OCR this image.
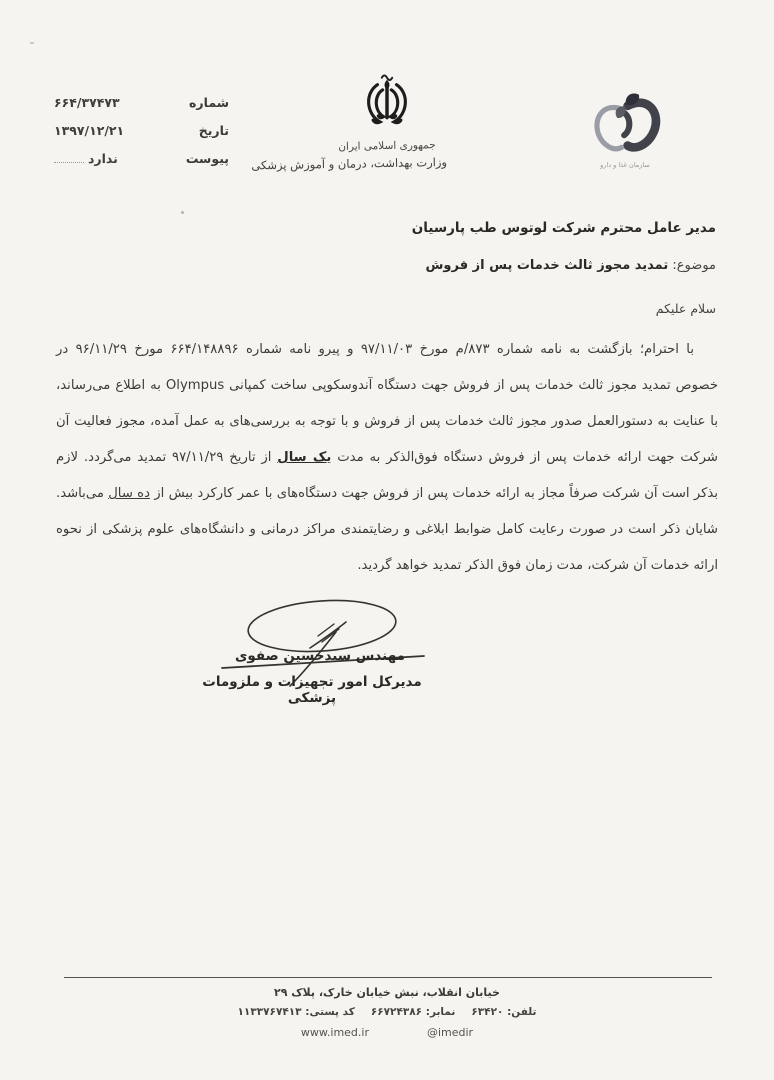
شماره
۶۶۴/۳۷۴۷۳
تاریخ
۱۳۹۷/۱۲/۲۱
پیوست
ندارد
جمهوری اسلامی ایران
وزارت بهداشت، درمان و آموزش پزشکی	سازمان غذا و دارو
مدیر عامل محترم شرکت لوتوس طب پارسیان
موضوع: تمدید مجوز ثالث خدمات پس از فروش
سلام علیکم
با احترام؛ بازگشت به نامه شماره ۸۷۳/م مورخ ۹۷/۱۱/۰۳ و پیرو نامه شماره ۶۶۴/۱۴۸۸۹۶ مورخ ۹۶/۱۱/۲۹ در
خصوص تمدید مجوز ثالث خدمات پس از فروش جهت دستگاه آندوسکوپی ساخت کمپانی Olympus به اطلاع می‌رساند،
با عنایت به دستورالعمل صدور مجوز ثالث خدمات پس از فروش و با توجه به بررسی‌های به عمل آمده، مجوز فعالیت آن
شرکت جهت ارائه خدمات پس از فروش دستگاه فوق‌الذکر به مدت یک سال از تاریخ ۹۷/۱۱/۲۹ تمدید می‌گردد. لازم
بذکر است آن شرکت صرفاً مجاز به ارائه خدمات پس از فروش جهت دستگاه‌های با عمر کارکرد بیش از ده سال می‌باشد.
شایان ذکر است در صورت رعایت کامل ضوابط ابلاغی و رضایتمندی مراکز درمانی و دانشگاه‌های علوم پزشکی از نحوه
ارائه خدمات آن شرکت، مدت زمان فوق الذکر تمدید خواهد گردید.
مهندس سیدحسین صفوی
مدیرکل امور تجهیزات و ملزومات پزشکی
خیابان انقلاب، نبش خیابان خارک، پلاک ۲۹
تلفن: ۶۳۴۲۰
نمابر: ۶۶۷۲۴۳۸۶
کد پستی: ۱۱۳۳۷۶۷۴۱۳
www.imed.ir	@imedir
